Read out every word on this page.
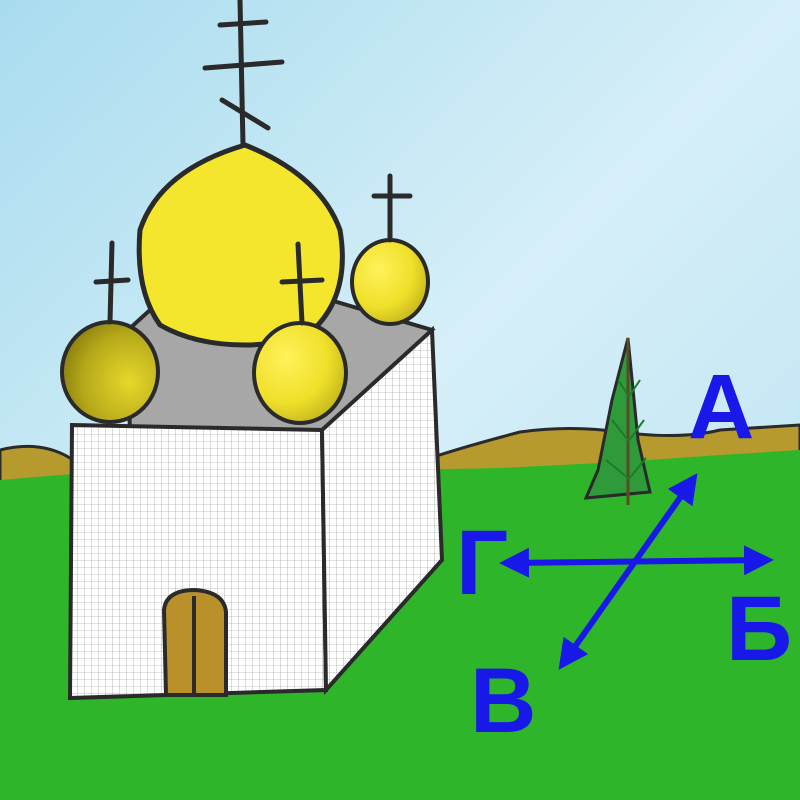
А
Б
В
Г
